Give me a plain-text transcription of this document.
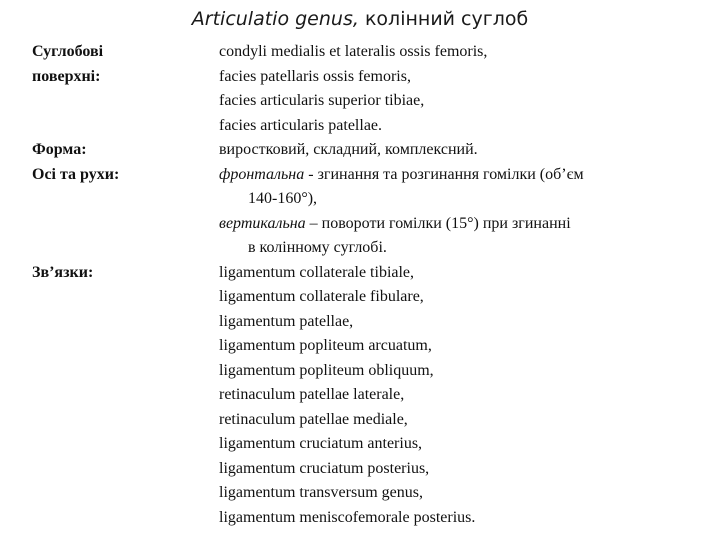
Articulatio genus, колінний суглоб
Суглобові
поверхні:
Форма:
Осі та рухи:
Зв’язки:
condyli medialis et lateralis ossis femoris,
facies patellaris ossis femoris,
facies articularis superior tibiae,
facies articularis patellae.
виростковий, складний, комплексний.
фронтальна - згинання та розгинання гомілки (об’єм
140-160°),
вертикальна – повороти гомілки (15°) при згинанні
в колінному суглобі.
ligamentum collaterale tibiale,
ligamentum collaterale fibulare,
ligamentum patellae,
ligamentum popliteum arcuatum,
ligamentum popliteum obliquum,
retinaculum patellae laterale,
retinaculum patellae mediale,
ligamentum cruciatum anterius,
ligamentum cruciatum posterius,
ligamentum transversum genus,
ligamentum meniscofemorale posterius.
